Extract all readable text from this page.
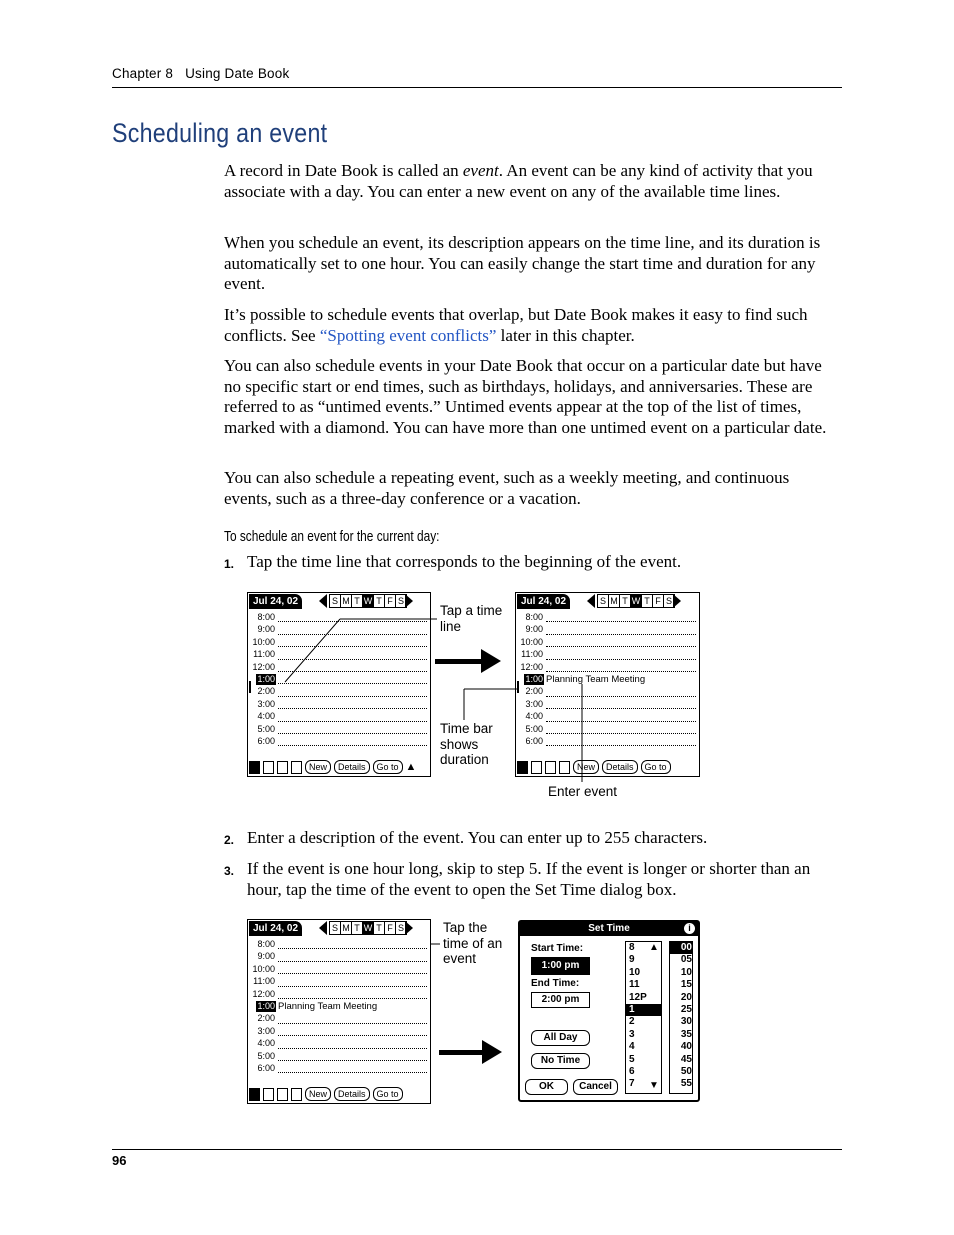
Chapter 8 Using Date Book
Scheduling an event
A record in Date Book is called an event. An event can be any kind of activity that you associate with a day. You can enter a new event on any of the available time lines.
When you schedule an event, its description appears on the time line, and its duration is automatically set to one hour. You can easily change the start time and duration for any event.
It’s possible to schedule events that overlap, but Date Book makes it easy to find such conflicts. See “Spotting event conflicts” later in this chapter.
You can also schedule events in your Date Book that occur on a particular date but have no specific start or end times, such as birthdays, holidays, and anniversaries. These are referred to as “untimed events.” Untimed events appear at the top of the list of times, marked with a diamond. You can have more than one untimed event on a particular date.
You can also schedule a repeating event, such as a weekly meeting, and continuous events, such as a three-day conference or a vacation.
To schedule an event for the current day:
1. Tap the time line that corresponds to the beginning of the event.
Jul 24, 02	S M T W T F S
8:00
9:00
10:00
11:00
12:00
1:00
2:00
3:00
4:00
5:00
6:00
New	Details	Go to ▲
Tap a time line
Time bar shows duration
Jul 24, 02	S M T W T F S
8:00
9:00
10:00
11:00
12:00
1:00 Planning Team Meeting
2:00
3:00
4:00
5:00
6:00
New	Details	Go to
Enter event
2. Enter a description of the event. You can enter up to 255 characters.
3. If the event is one hour long, skip to step 5. If the event is longer or shorter than an hour, tap the time of the event to open the Set Time dialog box.
Jul 24, 02	S M T W T F S
8:00
9:00
10:00
11:00
12:00
1:00 Planning Team Meeting
2:00
3:00
4:00
5:00
6:00
New	Details	Go to
Tap the time of an event
Set Time	i
Start Time:
1:00 pm
End Time:
2:00 pm
All Day
No Time
OK	Cancel
8
9
10
11
12P
1
2
3
4
5
6
7
▲
▼
00
05
10
15
20
25
30
35
40
45
50
55
96
